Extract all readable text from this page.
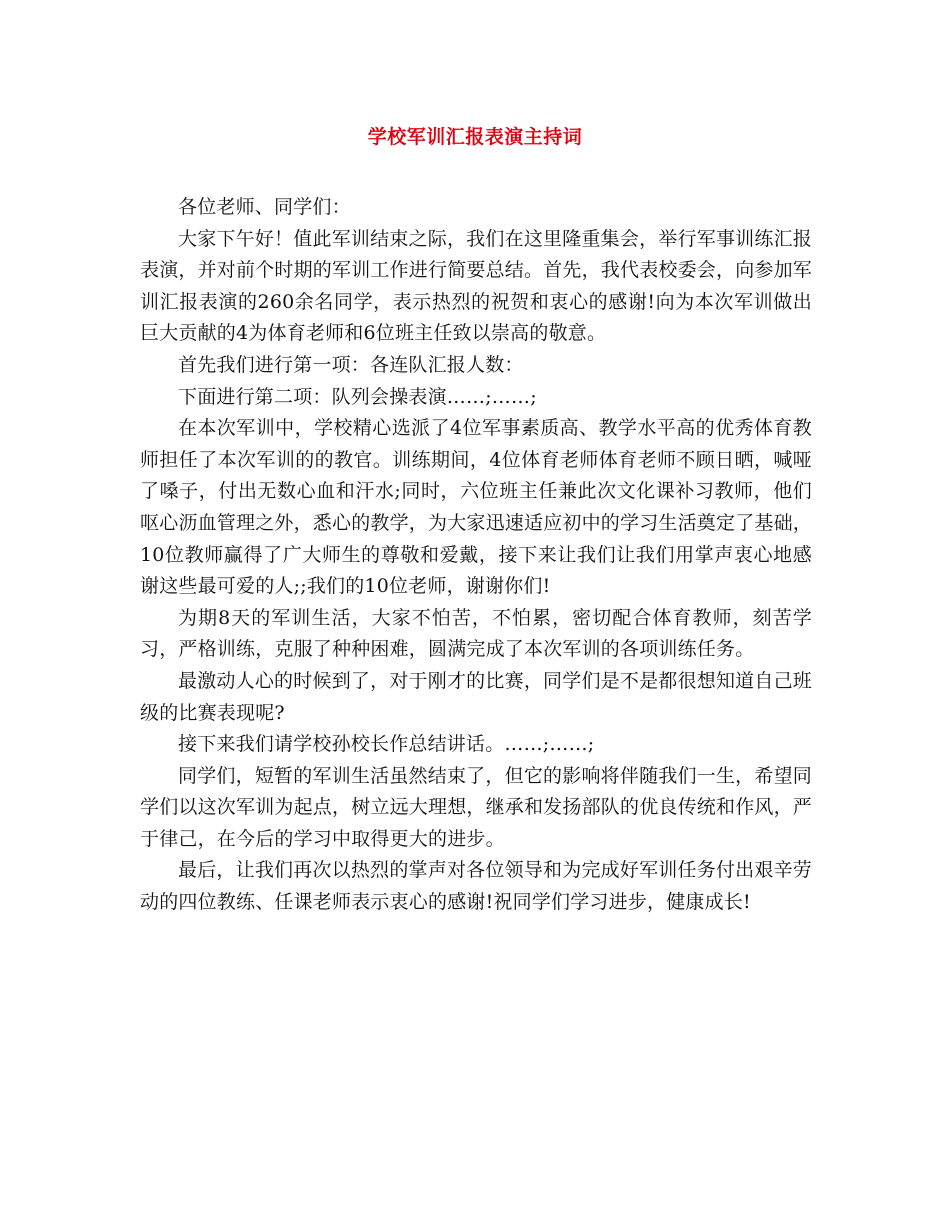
学校军训汇报表演主持词

各位老师、同学们：

大家下午好！值此军训结束之际，我们在这里隆重集会，举行军事训练汇报表演，并对前个时期的军训工作进行简要总结。首先，我代表校委会，向参加军训汇报表演的260余名同学，表示热烈的祝贺和衷心的感谢!向为本次军训做出巨大贡献的4为体育老师和6位班主任致以崇高的敬意。

首先我们进行第一项：各连队汇报人数：

下面进行第二项：队列会操表演……;……;

在本次军训中，学校精心选派了4位军事素质高、教学水平高的优秀体育教师担任了本次军训的的教官。训练期间，4位体育老师体育老师不顾日晒，喊哑了嗓子，付出无数心血和汗水;同时，六位班主任兼此次文化课补习教师，他们呕心沥血管理之外，悉心的教学，为大家迅速适应初中的学习生活奠定了基础，10位教师赢得了广大师生的尊敬和爱戴，接下来让我们让我们用掌声衷心地感谢这些最可爱的人;;我们的10位老师，谢谢你们!

为期8天的军训生活，大家不怕苦，不怕累，密切配合体育教师，刻苦学习，严格训练，克服了种种困难，圆满完成了本次军训的各项训练任务。

最激动人心的时候到了，对于刚才的比赛，同学们是不是都很想知道自己班级的比赛表现呢?

接下来我们请学校孙校长作总结讲话。……;……;

同学们，短暂的军训生活虽然结束了，但它的影响将伴随我们一生，希望同学们以这次军训为起点，树立远大理想，继承和发扬部队的优良传统和作风，严于律己，在今后的学习中取得更大的进步。

最后，让我们再次以热烈的掌声对各位领导和为完成好军训任务付出艰辛劳动的四位教练、任课老师表示衷心的感谢!祝同学们学习进步，健康成长!
